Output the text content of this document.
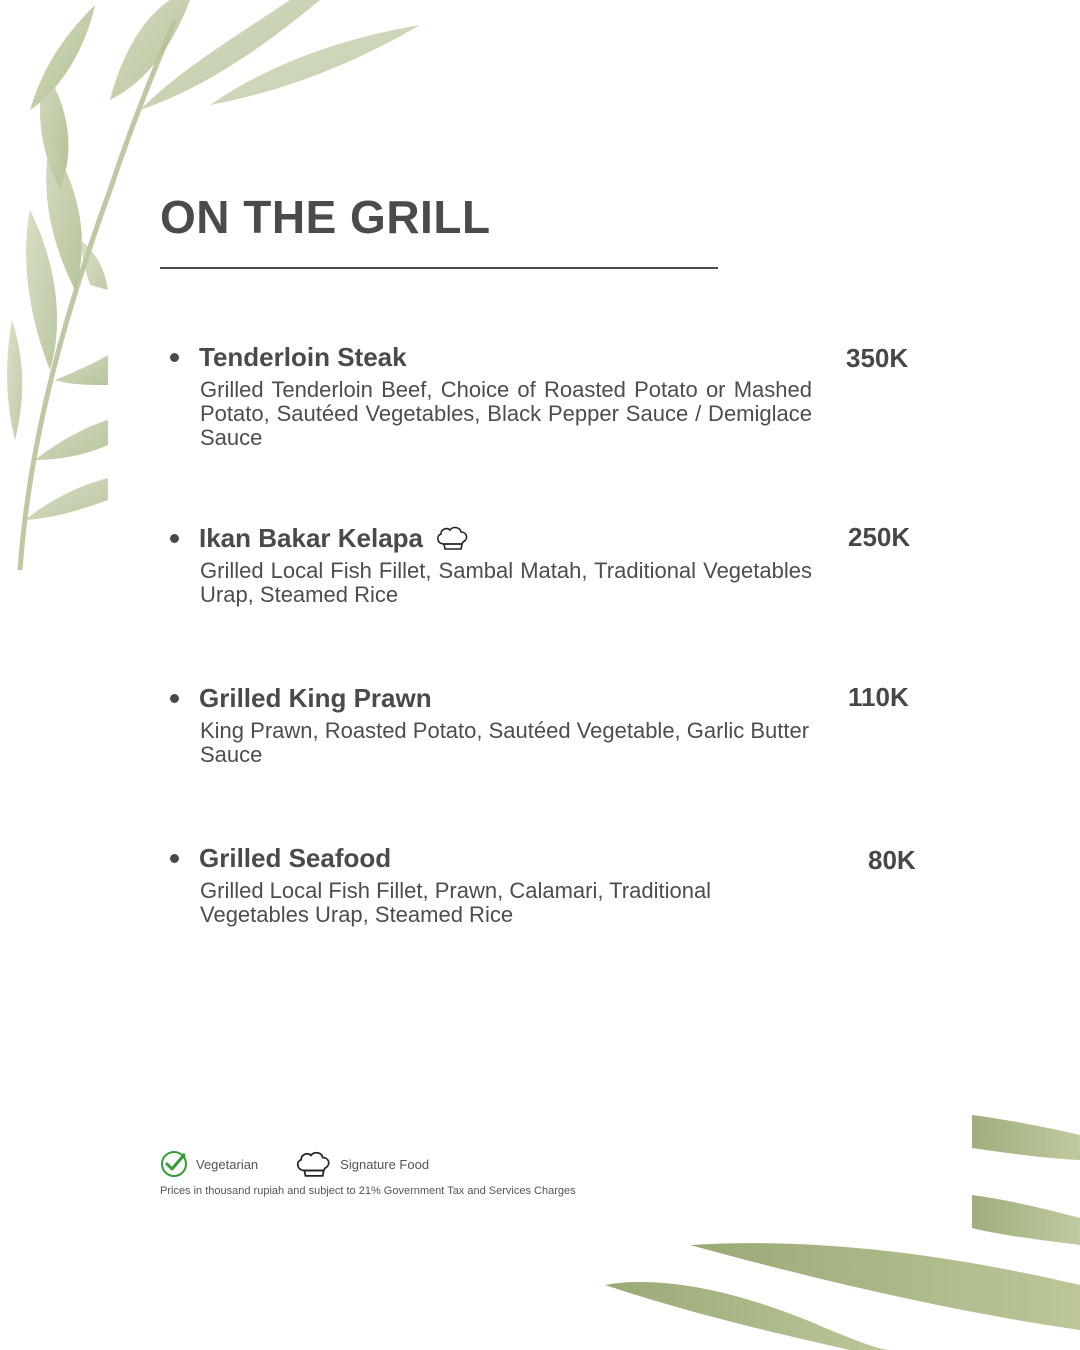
ON THE GRILL
Tenderloin Steak
Grilled Tenderloin Beef, Choice of Roasted Potato or Mashed Potato, Sautéed Vegetables, Black Pepper Sauce / Demiglace Sauce
350K
Ikan Bakar Kelapa
Grilled Local Fish Fillet, Sambal Matah, Traditional Vegetables Urap, Steamed Rice
250K
Grilled King Prawn
King Prawn, Roasted Potato, Sautéed Vegetable, Garlic Butter Sauce
110K
Grilled Seafood
Grilled Local Fish Fillet, Prawn, Calamari, Traditional Vegetables Urap, Steamed Rice
80K
Vegetarian	Signature Food
Prices in thousand rupiah and subject to 21% Government Tax and Services Charges
